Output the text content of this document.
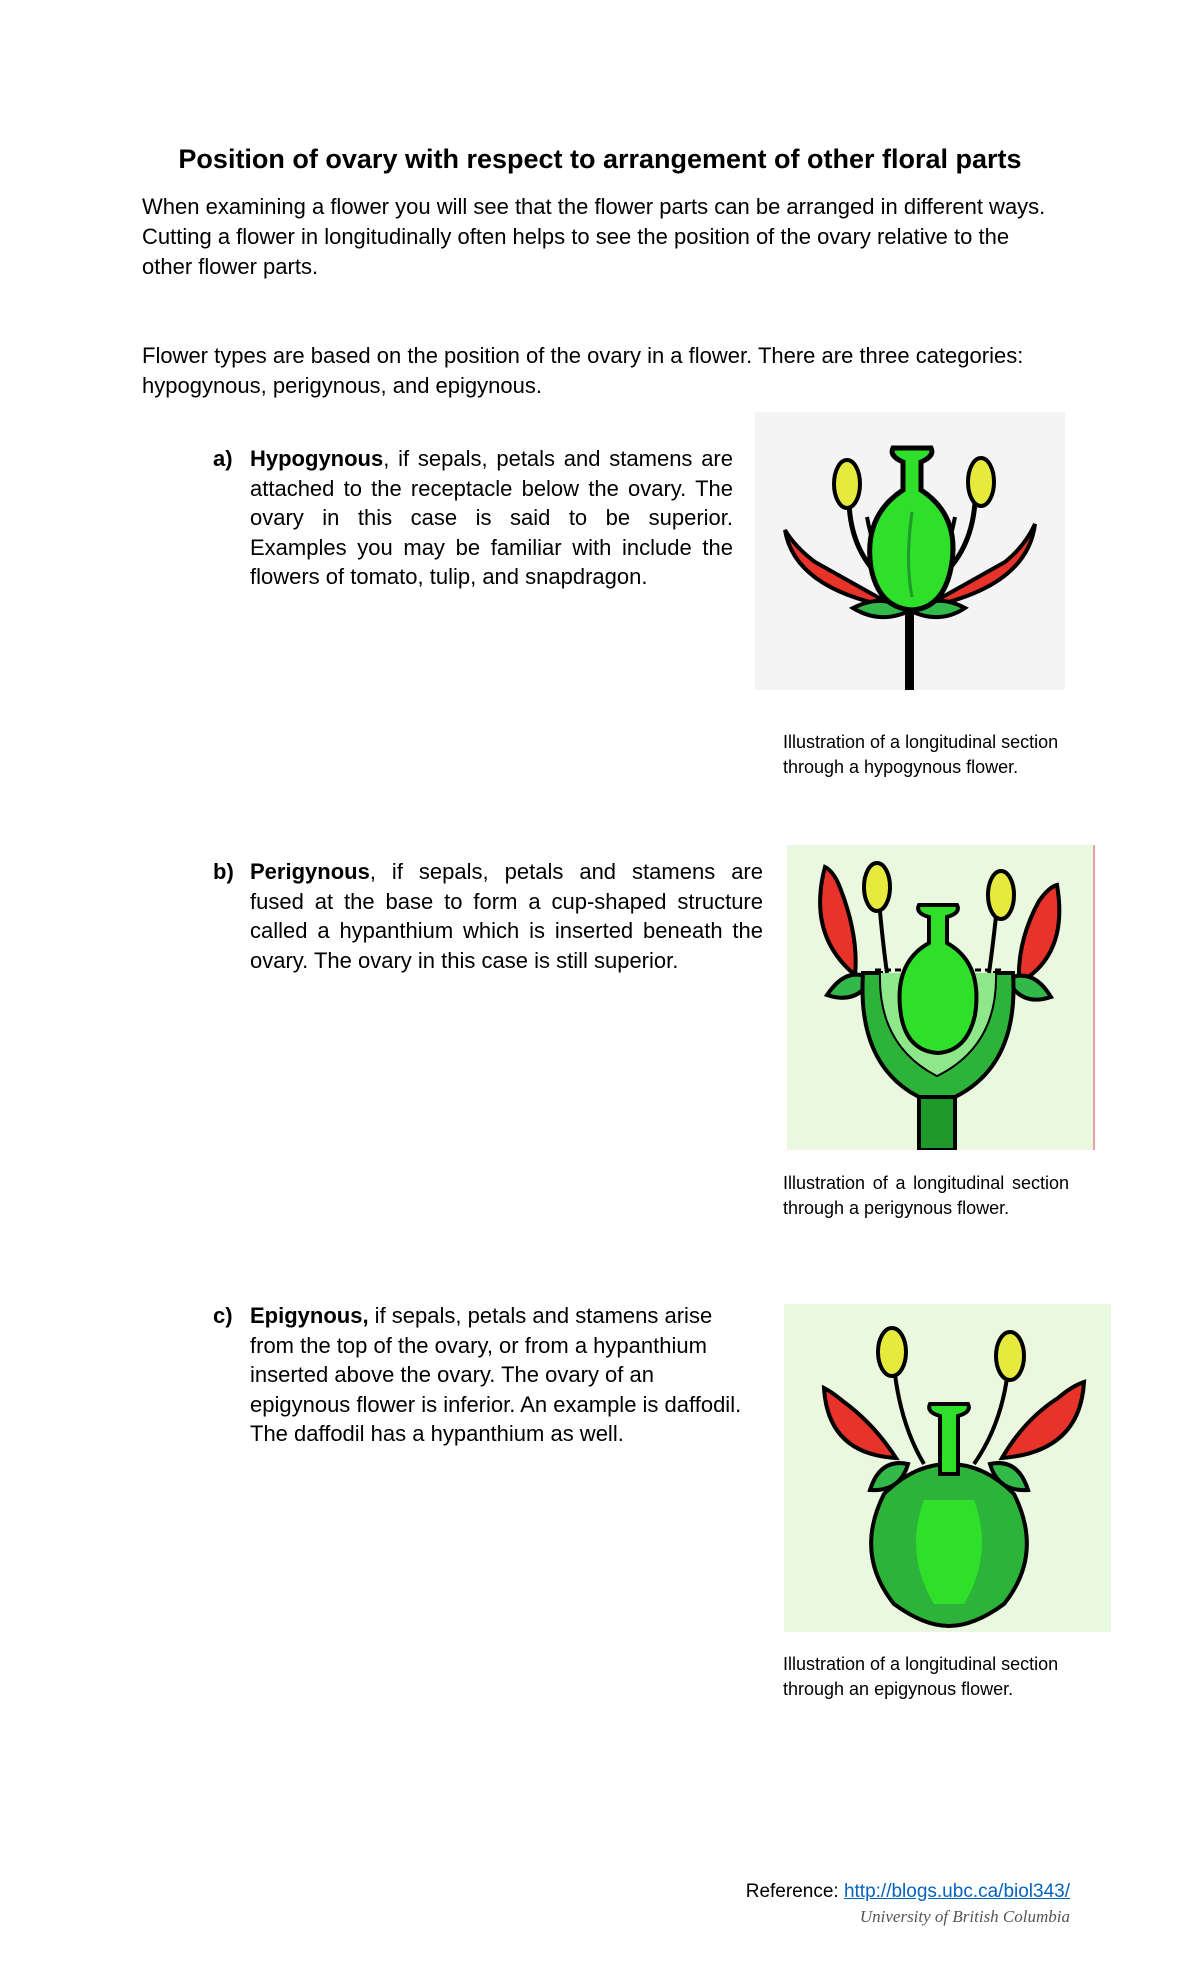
Position of ovary with respect to arrangement of other floral parts

When examining a flower you will see that the flower parts can be arranged in different ways. Cutting a flower in longitudinally often helps to see the position of the ovary relative to the other flower parts.

Flower types are based on the position of the ovary in a flower. There are three categories: hypogynous, perigynous, and epigynous.

a) Hypogynous, if sepals, petals and stamens are attached to the receptacle below the ovary. The ovary in this case is said to be superior. Examples you may be familiar with include the flowers of tomato, tulip, and snapdragon.
Illustration of a longitudinal section through a hypogynous flower.
b) Perigynous, if sepals, petals and stamens are fused at the base to form a cup-shaped structure called a hypanthium which is inserted beneath the ovary. The ovary in this case is still superior.
Illustration of a longitudinal section through a perigynous flower.
c) Epigynous, if sepals, petals and stamens arise from the top of the ovary, or from a hypanthium inserted above the ovary. The ovary of an epigynous flower is inferior. An example is daffodil. The daffodil has a hypanthium as well.
Illustration of a longitudinal section through an epigynous flower.
Reference: http://blogs.ubc.ca/biol343/
University of British Columbia
